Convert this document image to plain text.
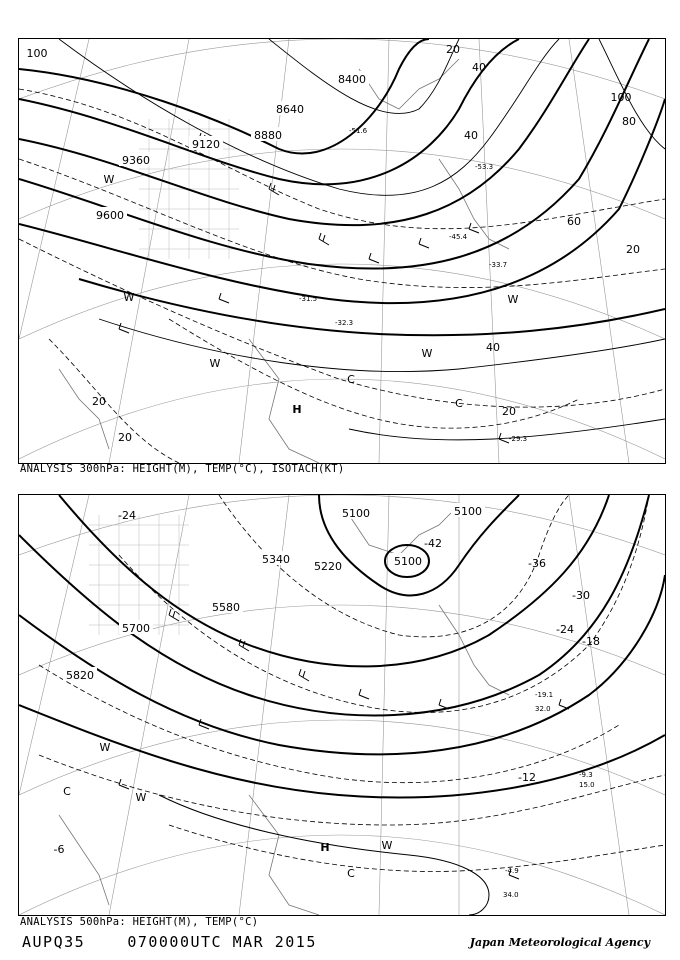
8400
8640
8880
9120
9360
9600
20
40
40
60
80
100
100
40
20
20
20
20	-29.3
-31.5
-32.3
-33.7
-45.4
-51.6
-53.3
H
C
C
W
W
W
W
W
ANALYSIS 300hPa: HEIGHT(M), TEMP(°C), ISOTACH(KT)
5100	5100
5100
5220
5340
5580
5700
5820
-42
-36
-30
-24
-18
-12
-24
-6
-19.1
-9.3
-4.9
34.0
32.0
15.0
H
C
W
W
W
C
ANALYSIS 500hPa: HEIGHT(M), TEMP(°C)
AUPQ35	070000UTC MAR 2015	Japan Meteorological Agency
